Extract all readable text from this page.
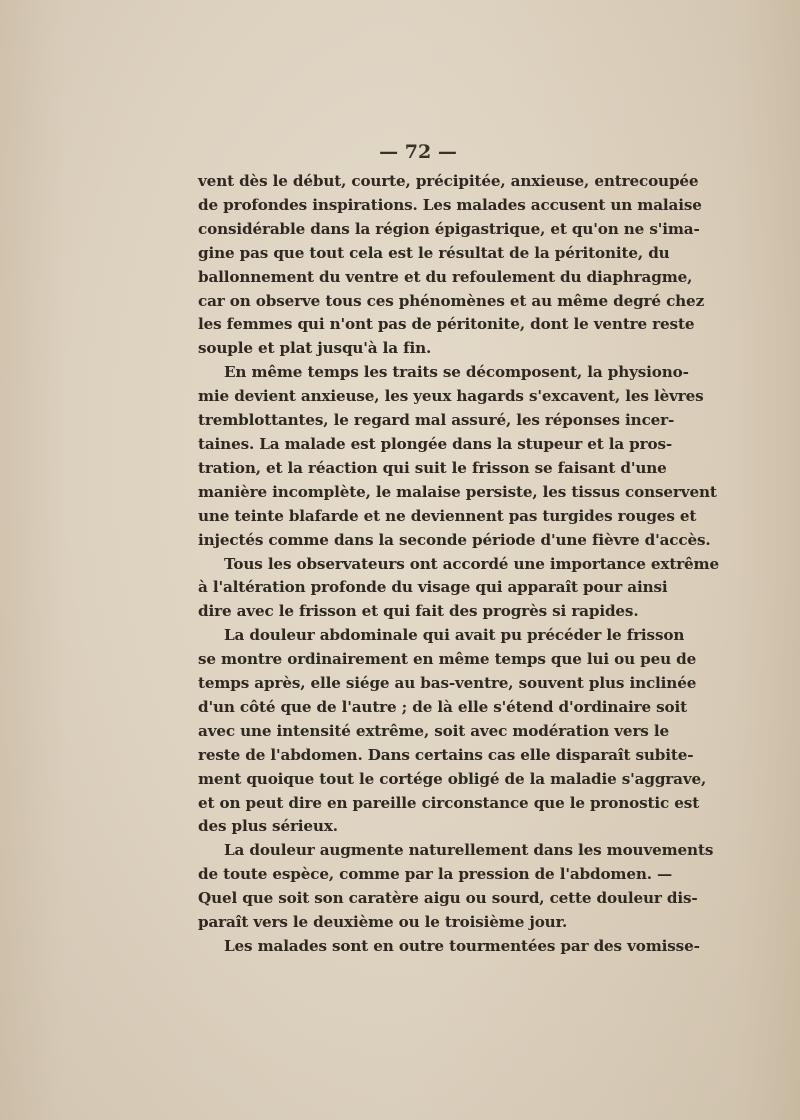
— 72 —

vent dès le début, courte, précipitée, anxieuse, entrecoupée
de profondes inspirations. Les malades accusent un malaise
considérable dans la région épigastrique, et qu'on ne s'ima-
gine pas que tout cela est le résultat de la péritonite, du
ballonnement du ventre et du refoulement du diaphragme,
car on observe tous ces phénomènes et au même degré chez
les femmes qui n'ont pas de péritonite, dont le ventre reste
souple et plat jusqu'à la fin.

En même temps les traits se décomposent, la physiono-
mie devient anxieuse, les yeux hagards s'excavent, les lèvres
tremblottantes, le regard mal assuré, les réponses incer-
taines. La malade est plongée dans la stupeur et la pros-
tration, et la réaction qui suit le frisson se faisant d'une
manière incomplète, le malaise persiste, les tissus conservent
une teinte blafarde et ne deviennent pas turgides rouges et
injectés comme dans la seconde période d'une fièvre d'accès.

Tous les observateurs ont accordé une importance extrême
à l'altération profonde du visage qui apparaît pour ainsi
dire avec le frisson et qui fait des progrès si rapides.

La douleur abdominale qui avait pu précéder le frisson
se montre ordinairement en même temps que lui ou peu de
temps après, elle siége au bas-ventre, souvent plus inclinée
d'un côté que de l'autre ; de là elle s'étend d'ordinaire soit
avec une intensité extrême, soit avec modération vers le
reste de l'abdomen. Dans certains cas elle disparaît subite-
ment quoique tout le cortége obligé de la maladie s'aggrave,
et on peut dire en pareille circonstance que le pronostic est
des plus sérieux.

La douleur augmente naturellement dans les mouvements
de toute espèce, comme par la pression de l'abdomen. —
Quel que soit son caratère aigu ou sourd, cette douleur dis-
paraît vers le deuxième ou le troisième jour.

Les malades sont en outre tourmentées par des vomisse-
